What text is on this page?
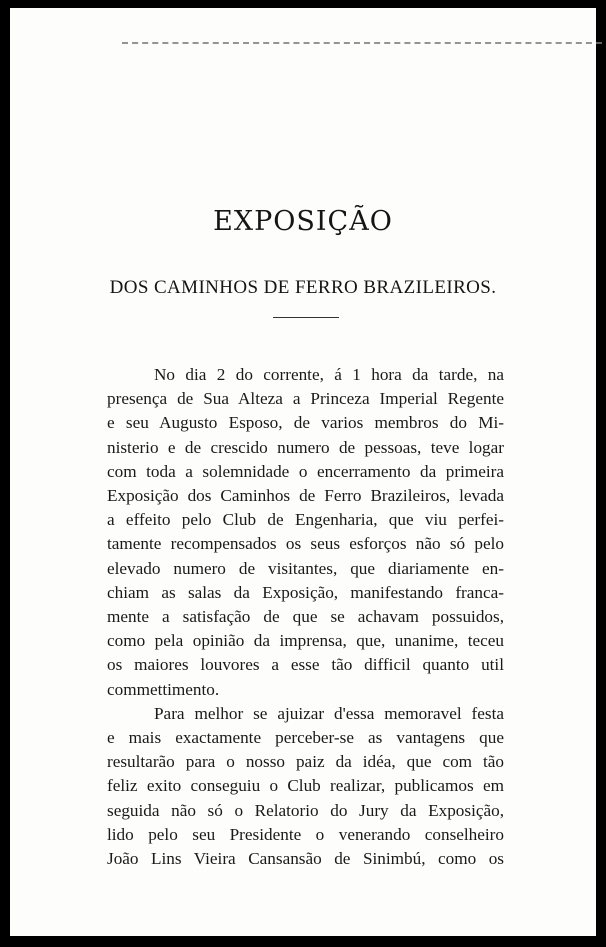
EXPOSIÇÃO
DOS CAMINHOS DE FERRO BRAZILEIROS.
No dia 2 do corrente, á 1 hora da tarde, na
presença de Sua Alteza a Princeza Imperial Regente
e seu Augusto Esposo, de varios membros do Mi-
nisterio e de crescido numero de pessoas, teve logar
com toda a solemnidade o encerramento da primeira
Exposição dos Caminhos de Ferro Brazileiros, levada
a effeito pelo Club de Engenharia, que viu perfei-
tamente recompensados os seus esforços não só pelo
elevado numero de visitantes, que diariamente en-
chiam as salas da Exposição, manifestando franca-
mente a satisfação de que se achavam possuidos,
como pela opinião da imprensa, que, unanime, teceu
os maiores louvores a esse tão difficil quanto util
commettimento.
Para melhor se ajuizar d'essa memoravel festa
e mais exactamente perceber-se as vantagens que
resultarão para o nosso paiz da idéa, que com tão
feliz exito conseguiu o Club realizar, publicamos em
seguida não só o Relatorio do Jury da Exposição,
lido pelo seu Presidente o venerando conselheiro
João Lins Vieira Cansansão de Sinimbú, como os
